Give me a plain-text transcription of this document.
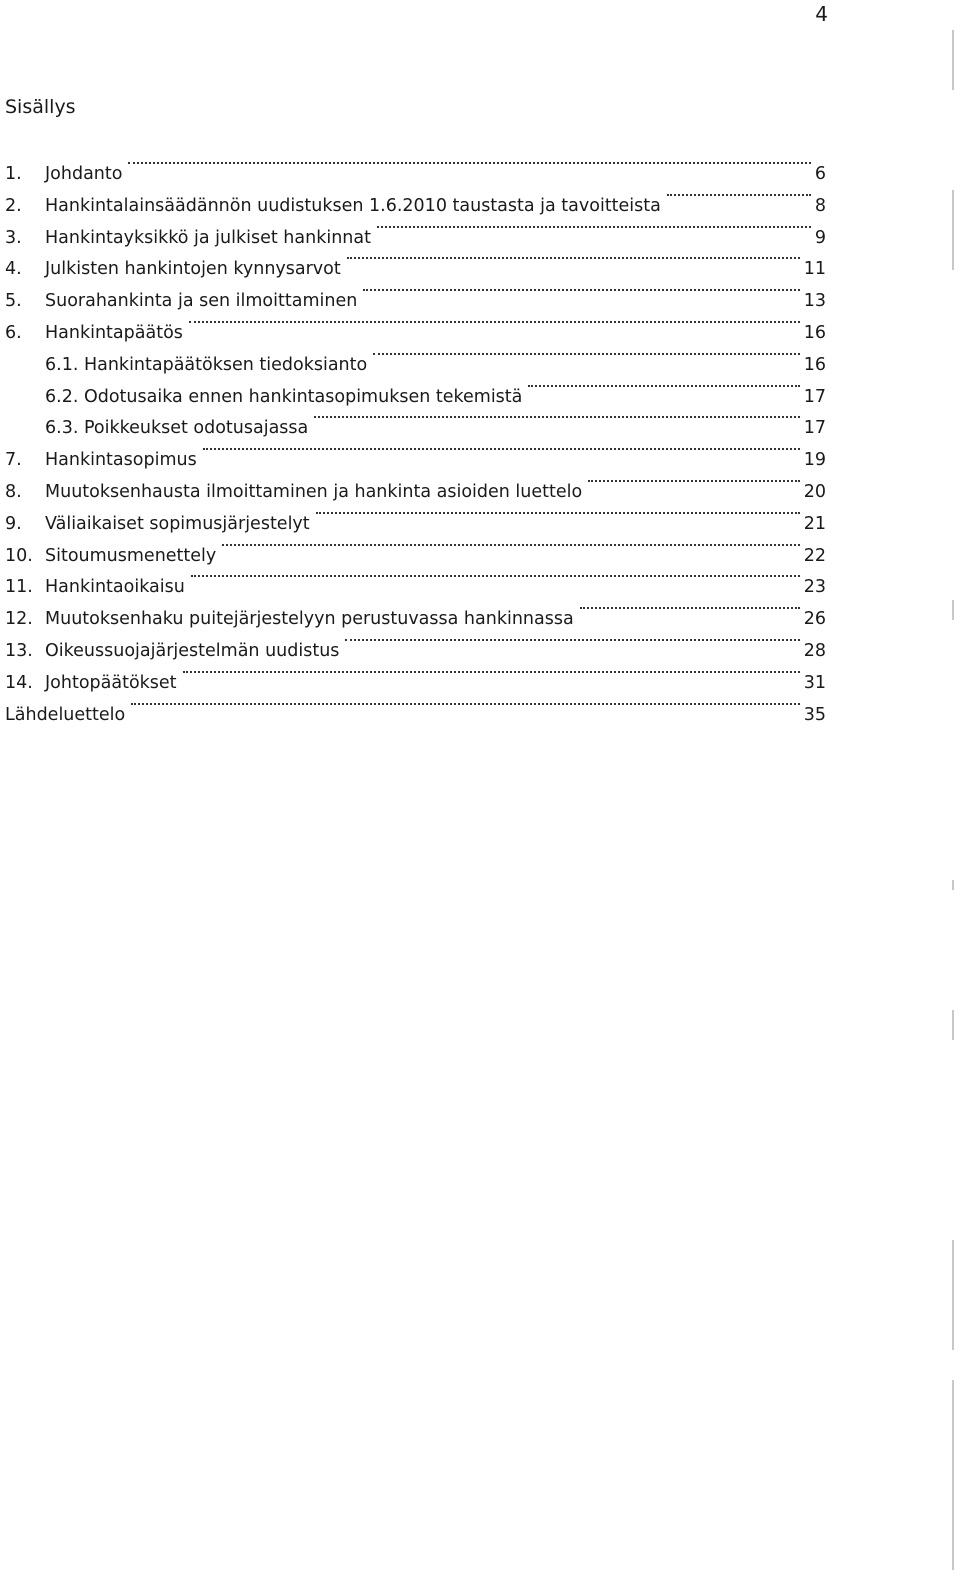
4
Sisällys
1. Johdanto	6
2. Hankintalainsäädännön uudistuksen 1.6.2010 taustasta ja tavoitteista	8
3. Hankintayksikkö ja julkiset hankinnat	9
4. Julkisten hankintojen kynnysarvot	11
5. Suorahankinta ja sen ilmoittaminen	13
6. Hankintapäätös	16
6.1. Hankintapäätöksen tiedoksianto	16
6.2. Odotusaika ennen hankintasopimuksen tekemistä	17
6.3. Poikkeukset odotusajassa	17
7. Hankintasopimus	19
8. Muutoksenhausta ilmoittaminen ja hankinta asioiden luettelo	20
9. Väliaikaiset sopimusjärjestelyt	21
10. Sitoumusmenettely	22
11. Hankintaoikaisu	23
12. Muutoksenhaku puitejärjestelyyn perustuvassa hankinnassa	26
13. Oikeussuojajärjestelmän uudistus	28
14. Johtopäätökset	31
Lähdeluettelo	35
